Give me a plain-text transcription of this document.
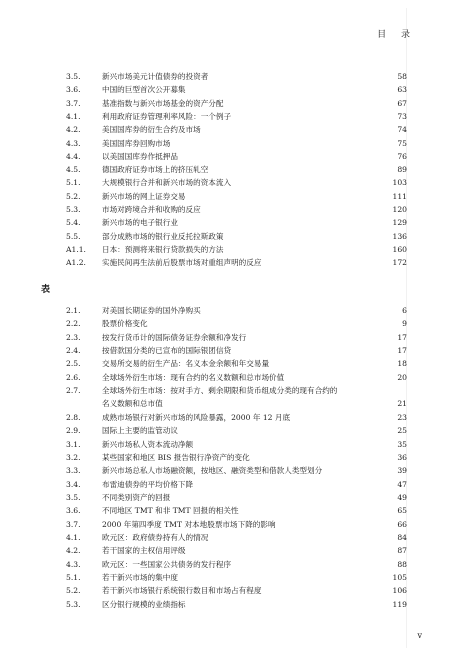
目 录
3.5.	新兴市场美元计值债券的投资者	58
3.6.	中国的巨型首次公开募集	63
3.7.	基准指数与新兴市场基金的资产分配	67
4.1.	利用政府证券管理利率风险：一个例子	73
4.2.	美国国库券的衍生合约及市场	74
4.3.	美国国库券回购市场	75
4.4.	以美国国库券作抵押品	76
4.5.	德国政府证券市场上的挤压轧空	89
5.1.	大规模银行合并和新兴市场的资本流入	103
5.2.	新兴市场的网上证券交易	111
5.3.	市场对跨境合并和收购的反应	120
5.4.	新兴市场的电子银行业	129
5.5.	部分成熟市场的银行业反托拉斯政策	136
A1.1. 日本：预测将来银行贷款损失的方法	160
A1.2. 实施民间再生法前后股票市场对重组声明的反应	172
表
2.1.	对美国长期证券的国外净购买	6
2.2.	股票价格变化	9
2.3.	按发行货币计的国际债务证券余额和净发行	17
2.4.	按借款国分类的已宣布的国际银团信贷	17
2.5.	交易所交易的衍生产品：名义本金余额和年交易量	18
2.6.	全球场外衍生市场：现有合约的名义数额和总市场价值	20
2.7.	全球场外衍生市场：按对手方、剩余期限和货币组成分类的现有合约的
名义数额和总市值	21
2.8.	成熟市场银行对新兴市场的风险暴露，2000 年 12 月底	23
2.9.	国际上主要的监管动议	25
3.1.	新兴市场私人资本流动净额	35
3.2.	某些国家和地区 BIS 报告银行净资产的变化	36
3.3.	新兴市场总私人市场融资额，按地区、融资类型和借款人类型划分	39
3.4.	布雷迪债券的平均价格下降	47
3.5.	不同类别资产的回报	49
3.6.	不同地区 TMT 和非 TMT 回报的相关性	65
3.7.	2000 年第四季度 TMT 对本地股票市场下降的影响	66
4.1.	欧元区：政府债券持有人的情况	84
4.2.	若干国家的主权信用评级	87
4.3.	欧元区：一些国家公共债务的发行程序	88
5.1.	若干新兴市场的集中度	105
5.2.	若干新兴市场银行系统银行数目和市场占有程度	106
5.3.	区分银行规模的业绩指标	119
v
